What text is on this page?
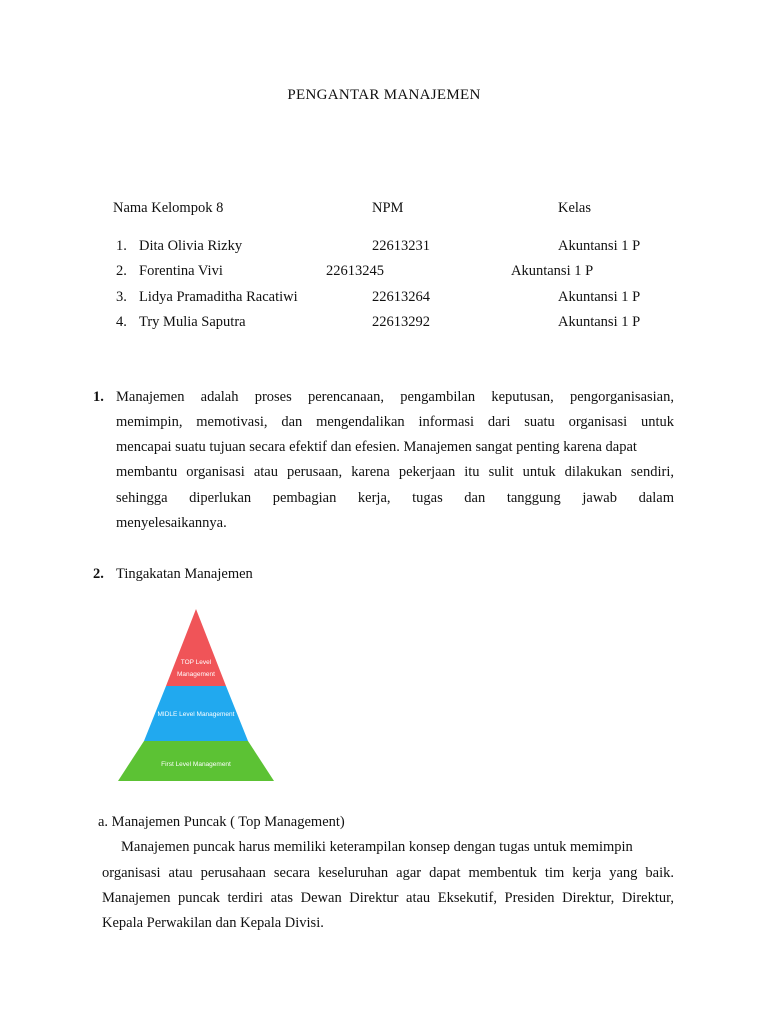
PENGANTAR MANAJEMEN
Nama Kelompok 8	NPM	Kelas
1. Dita Olivia Rizky	22613231	Akuntansi 1 P
2. Forentina Vivi	22613245	Akuntansi 1 P
3. Lidya Pramaditha Racatiwi	22613264	Akuntansi 1 P
4. Try Mulia Saputra	22613292	Akuntansi 1 P
1. Manajemen adalah proses perencanaan, pengambilan keputusan, pengorganisasian,
memimpin, memotivasi, dan mengendalikan informasi dari suatu organisasi untuk
mencapai suatu tujuan secara efektif dan efesien. Manajemen sangat penting karena dapat
membantu organisasi atau perusaan, karena pekerjaan itu sulit untuk dilakukan sendiri,
sehingga diperlukan pembagian kerja, tugas dan tanggung jawab dalam
menyelesaikannya.
2. Tingakatan Manajemen
TOP Level
Management
MIDLE Level Management
First Level Management
a. Manajemen Puncak ( Top Management)
Manajemen puncak harus memiliki keterampilan konsep dengan tugas untuk memimpin
organisasi atau perusahaan secara keseluruhan agar dapat membentuk tim kerja yang baik.
Manajemen puncak terdiri atas Dewan Direktur atau Eksekutif, Presiden Direktur, Direktur,
Kepala Perwakilan dan Kepala Divisi.
